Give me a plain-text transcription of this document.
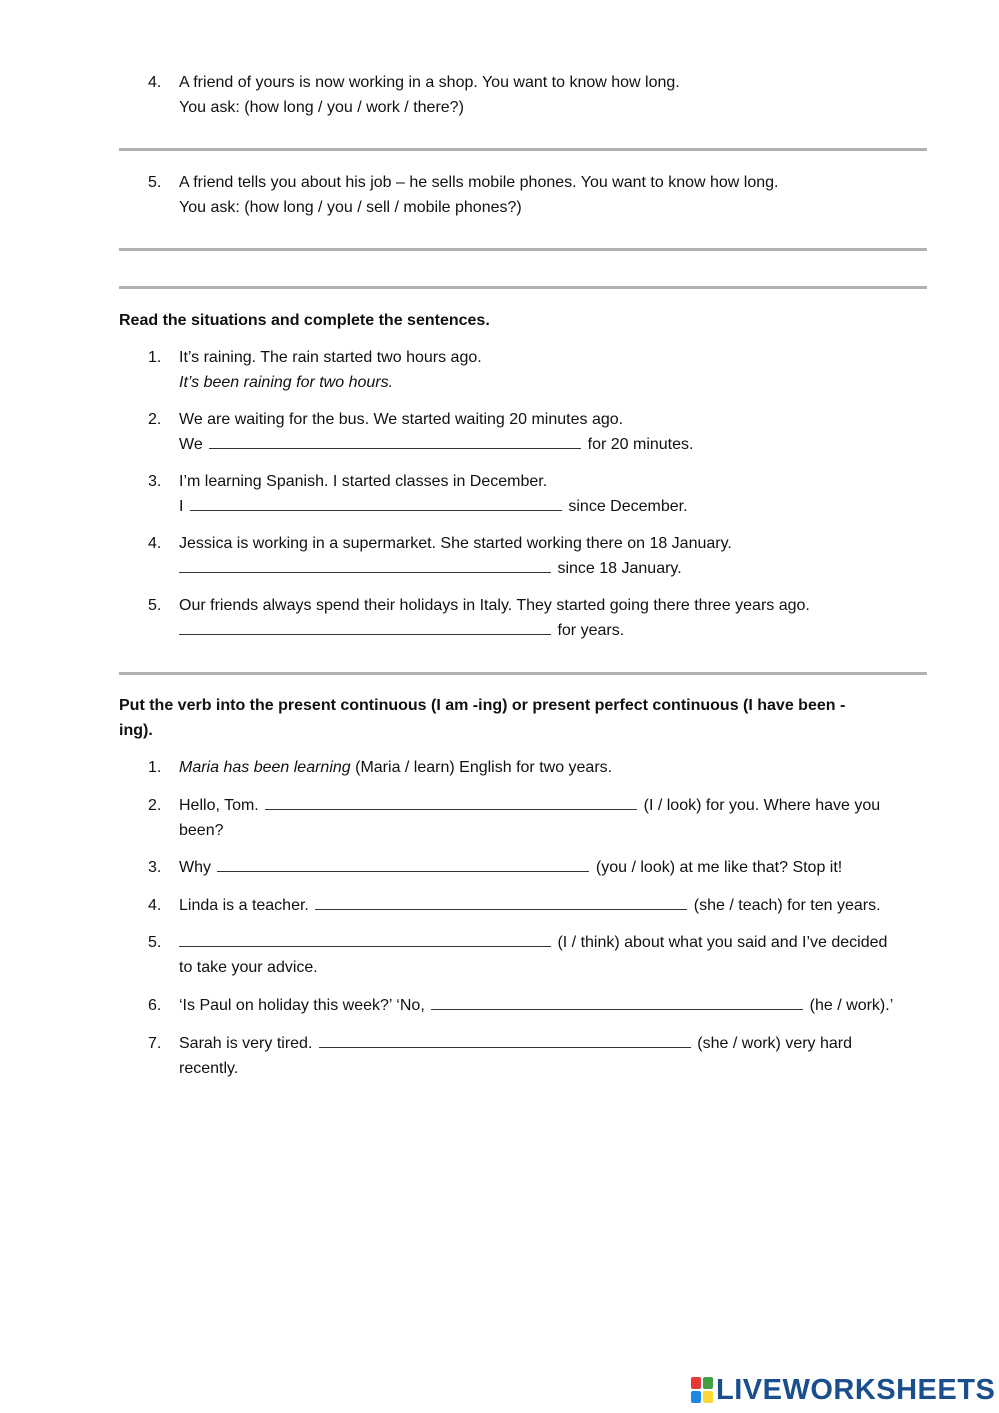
4.	A friend of yours is now working in a shop. You want to know how long.
You ask: (how long / you / work / there?)
5.	A friend tells you about his job – he sells mobile phones. You want to know how long.
You ask: (how long / you / sell / mobile phones?)
Read the situations and complete the sentences.
1.	It’s raining. The rain started two hours ago.
It’s been raining for two hours.
2.	We are waiting for the bus. We started waiting 20 minutes ago.
We	for 20 minutes.
3.	I’m learning Spanish. I started classes in December.
I	since December.
4.	Jessica is working in a supermarket. She started working there on 18 January.
since 18 January.
5.	Our friends always spend their holidays in Italy. They started going there three years ago.
for years.
Put the verb into the present continuous (I am -ing) or present perfect continuous (I have been -
ing).
1.	Maria has been learning (Maria / learn) English for two years.
2.	Hello, Tom.	(I / look) for you. Where have you
been?
3.	Why	(you / look) at me like that? Stop it!
4.	Linda is a teacher.	(she / teach) for ten years.
5.	(I / think) about what you said and I’ve decided
to take your advice.
6.	‘Is Paul on holiday this week?’ ‘No,	(he / work).’
7.	Sarah is very tired.	(she / work) very hard
recently.
LIVEWORKSHEETS
